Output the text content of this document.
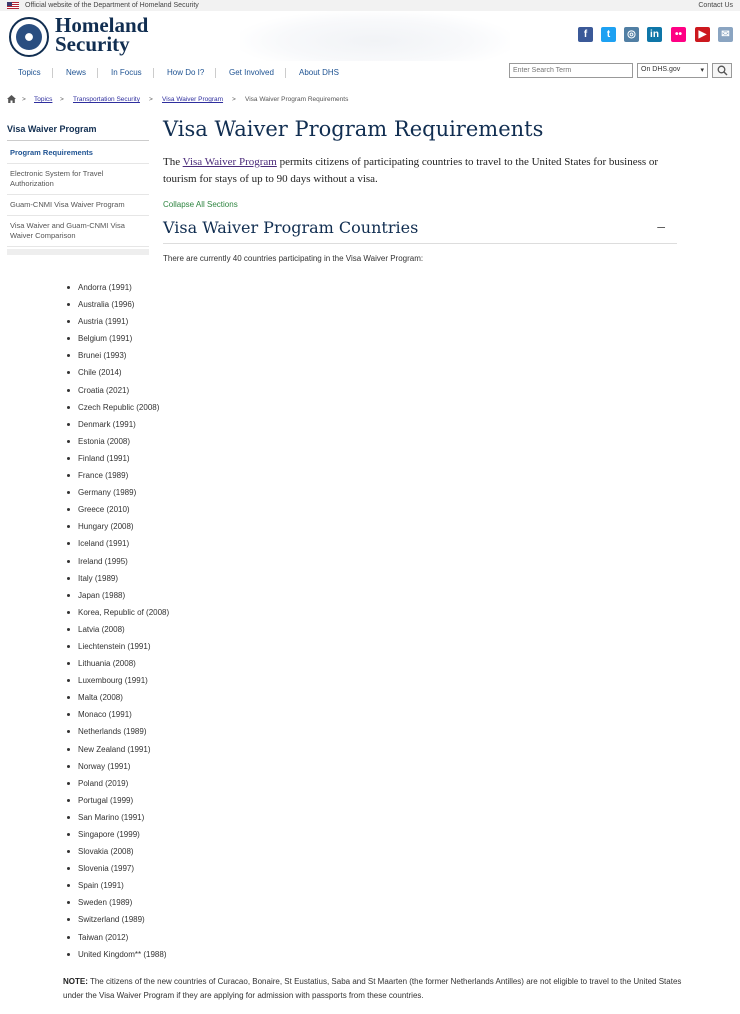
Official website of the Department of Homeland Security	Contact Us
Homeland
Security	f	t	◎	in	••	▶	✉
Topics	News	In Focus	How Do I?	Get Involved	About DHS
Enter Search Term	On DHS.gov	▾
> Topics > Transportation Security > Visa Waiver Program > Visa Waiver Program Requirements
Visa Waiver Program
Program Requirements
Electronic System for Travel Authorization
Guam-CNMI Visa Waiver Program
Visa Waiver and Guam-CNMI Visa Waiver Comparison
Visa Waiver Program Requirements
The Visa Waiver Program permits citizens of participating countries to travel to the United States for business or tourism for stays of up to 90 days without a visa.
Collapse All Sections
Visa Waiver Program Countries	–
There are currently 40 countries participating in the Visa Waiver Program:
Andorra (1991)
Australia (1996)
Austria (1991)
Belgium (1991)
Brunei (1993)
Chile (2014)
Croatia (2021)
Czech Republic (2008)
Denmark (1991)
Estonia (2008)
Finland (1991)
France (1989)
Germany (1989)
Greece (2010)
Hungary (2008)
Iceland (1991)
Ireland (1995)
Italy (1989)
Japan (1988)
Korea, Republic of (2008)
Latvia (2008)
Liechtenstein (1991)
Lithuania (2008)
Luxembourg (1991)
Malta (2008)
Monaco (1991)
Netherlands (1989)
New Zealand (1991)
Norway (1991)
Poland (2019)
Portugal (1999)
San Marino (1991)
Singapore (1999)
Slovakia (2008)
Slovenia (1997)
Spain (1991)
Sweden (1989)
Switzerland (1989)
Taiwan (2012)
United Kingdom** (1988)
NOTE: The citizens of the new countries of Curacao, Bonaire, St Eustatius, Saba and St Maarten (the former Netherlands Antilles) are not eligible to travel to the United States under the Visa Waiver Program if they are applying for admission with passports from these countries.
